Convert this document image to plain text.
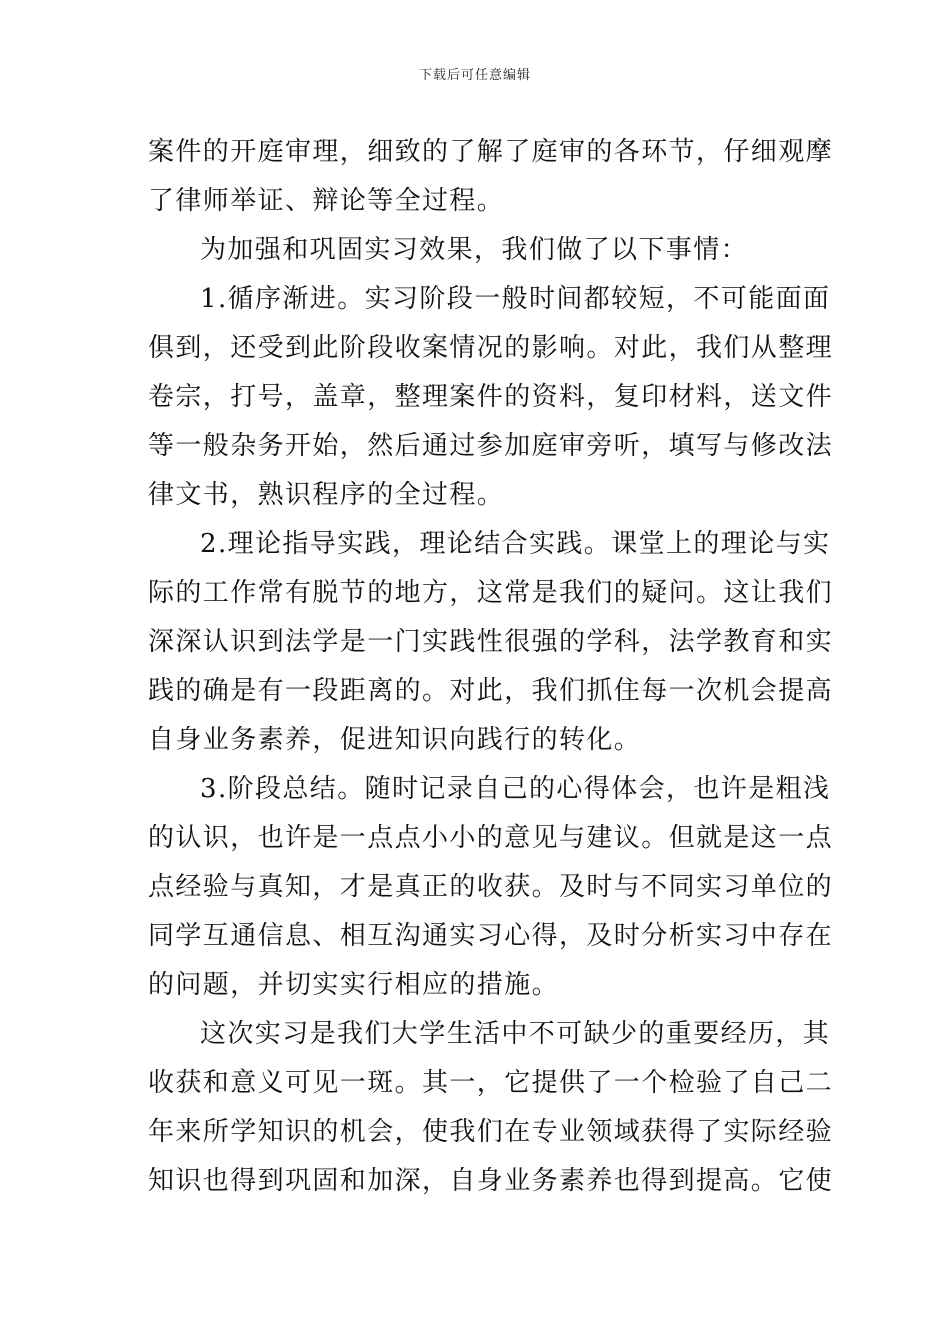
下载后可任意编辑

案件的开庭审理，细致的了解了庭审的各环节，仔细观摩
了律师举证、辩论等全过程。

为加强和巩固实习效果，我们做了以下事情：

1.循序渐进。实习阶段一般时间都较短，不可能面面
俱到，还受到此阶段收案情况的影响。对此，我们从整理
卷宗，打号，盖章，整理案件的资料，复印材料，送文件
等一般杂务开始，然后通过参加庭审旁听，填写与修改法
律文书，熟识程序的全过程。

2.理论指导实践，理论结合实践。课堂上的理论与实
际的工作常有脱节的地方，这常是我们的疑问。这让我们
深深认识到法学是一门实践性很强的学科，法学教育和实
践的确是有一段距离的。对此，我们抓住每一次机会提高
自身业务素养，促进知识向践行的转化。

3.阶段总结。随时记录自己的心得体会，也许是粗浅
的认识，也许是一点点小小的意见与建议。但就是这一点
点经验与真知，才是真正的收获。及时与不同实习单位的
同学互通信息、相互沟通实习心得，及时分析实习中存在
的问题，并切实实行相应的措施。

这次实习是我们大学生活中不可缺少的重要经历，其
收获和意义可见一斑。其一，它提供了一个检验了自己二
年来所学知识的机会，使我们在专业领域获得了实际经验
知识也得到巩固和加深，自身业务素养也得到提高。它使
